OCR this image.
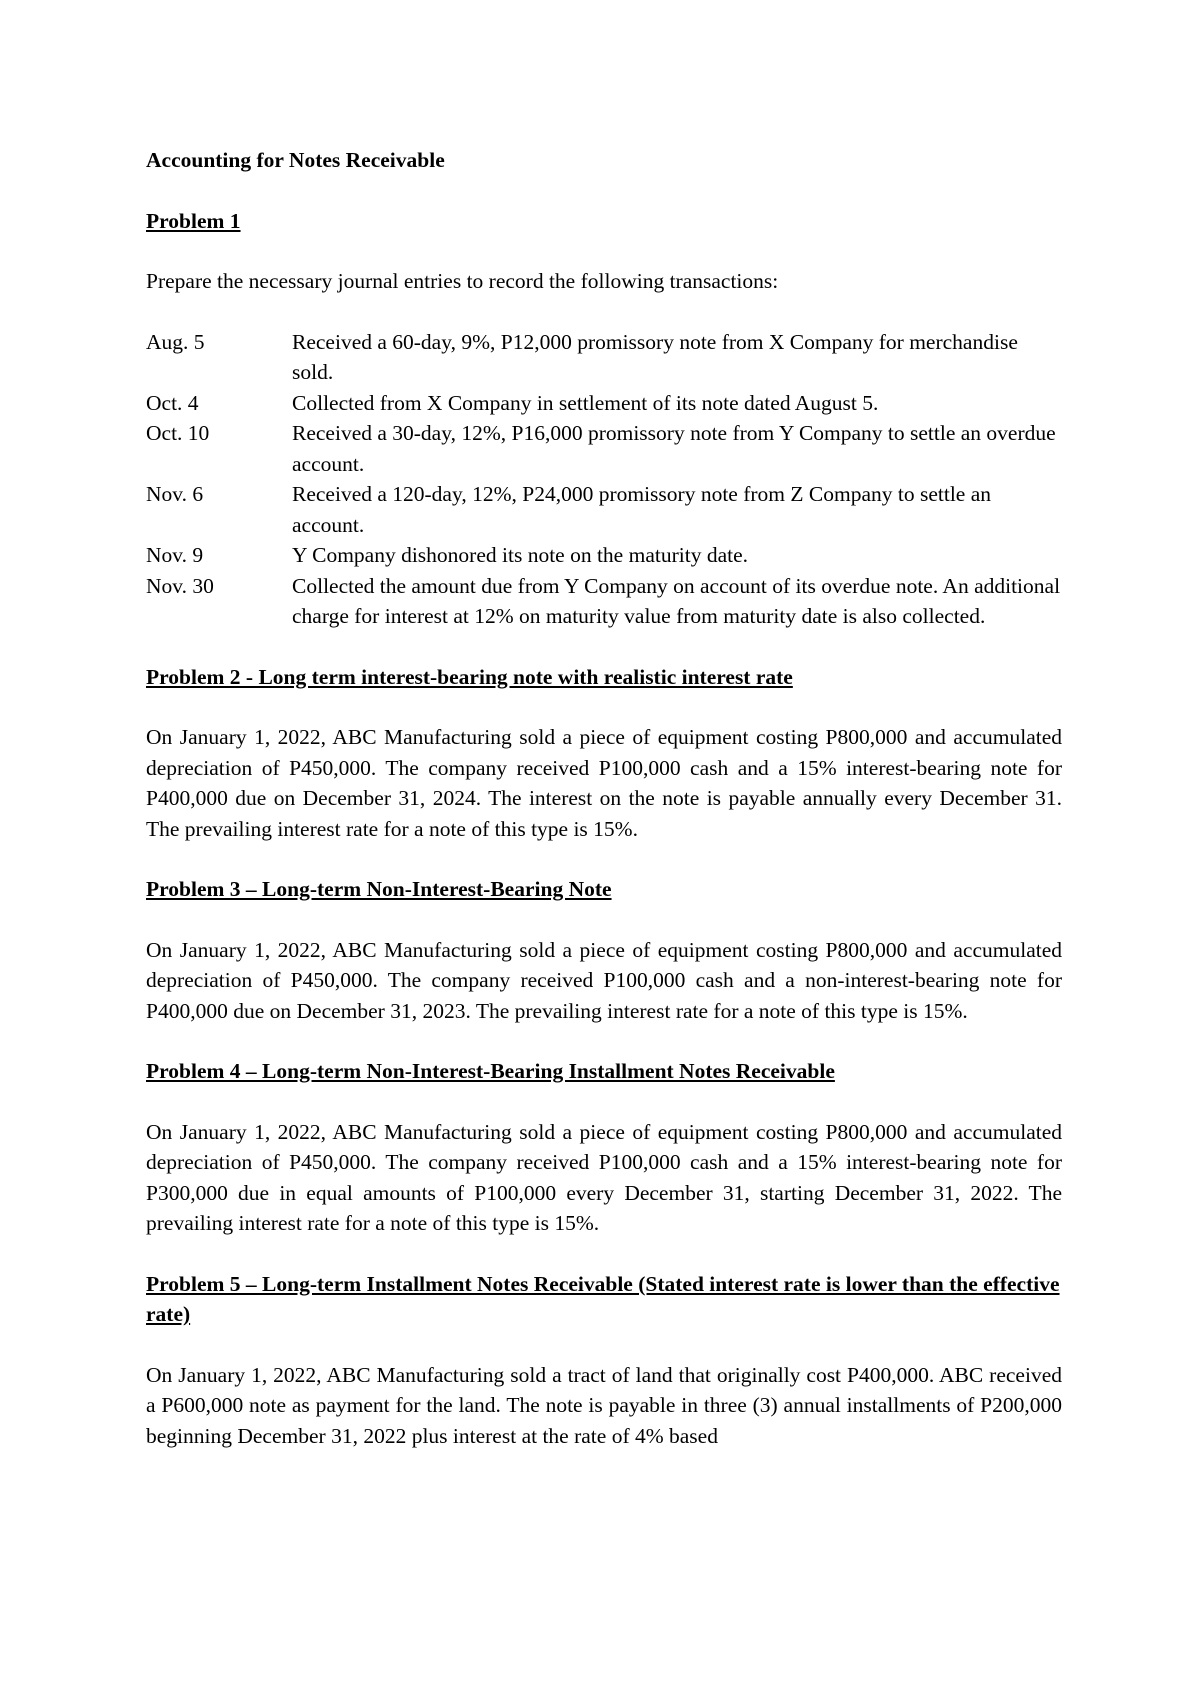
Accounting for Notes Receivable
Problem 1
Prepare the necessary journal entries to record the following transactions:
Aug. 5	Received a 60-day, 9%, P12,000 promissory note from X Company for merchandise sold.
Oct. 4	Collected from X Company in settlement of its note dated August 5.
Oct. 10	Received a 30-day, 12%, P16,000 promissory note from Y Company to settle an overdue account.
Nov. 6	Received a 120-day, 12%, P24,000 promissory note from Z Company to settle an account.
Nov. 9	Y Company dishonored its note on the maturity date.
Nov. 30	Collected the amount due from Y Company on account of its overdue note. An additional charge for interest at 12% on maturity value from maturity date is also collected.
Problem 2 - Long term interest-bearing note with realistic interest rate
On January 1, 2022, ABC Manufacturing sold a piece of equipment costing P800,000 and accumulated depreciation of P450,000. The company received P100,000 cash and a 15% interest-bearing note for P400,000 due on December 31, 2024. The interest on the note is payable annually every December 31. The prevailing interest rate for a note of this type is 15%.
Problem 3 – Long-term Non-Interest-Bearing Note
On January 1, 2022, ABC Manufacturing sold a piece of equipment costing P800,000 and accumulated depreciation of P450,000. The company received P100,000 cash and a non-interest-bearing note for P400,000 due on December 31, 2023. The prevailing interest rate for a note of this type is 15%.
Problem 4 – Long-term Non-Interest-Bearing Installment Notes Receivable
On January 1, 2022, ABC Manufacturing sold a piece of equipment costing P800,000 and accumulated depreciation of P450,000. The company received P100,000 cash and a 15% interest-bearing note for P300,000 due in equal amounts of P100,000 every December 31, starting December 31, 2022. The prevailing interest rate for a note of this type is 15%.
Problem 5 – Long-term Installment Notes Receivable (Stated interest rate is lower than the effective rate)
On January 1, 2022, ABC Manufacturing sold a tract of land that originally cost P400,000. ABC received a P600,000 note as payment for the land. The note is payable in three (3) annual installments of P200,000 beginning December 31, 2022 plus interest at the rate of 4% based
